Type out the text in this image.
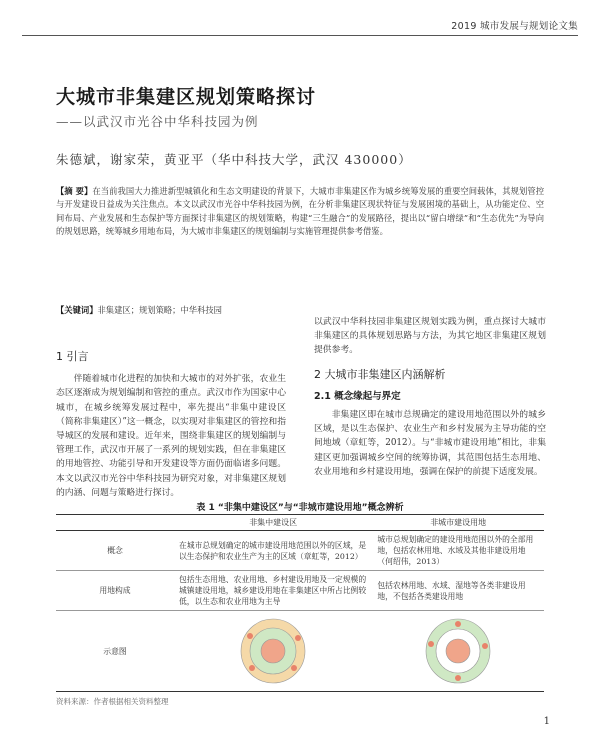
2019 城市发展与规划论文集
大城市非集建区规划策略探讨
——以武汉市光谷中华科技园为例
朱德斌，谢家荣，黄亚平（华中科技大学，武汉 430000）
【摘 要】在当前我国大力推进新型城镇化和生态文明建设的背景下，大城市非集建区作为城乡统筹发展的重要空间载体，其规划管控与开发建设日益成为关注焦点。本文以武汉市光谷中华科技园为例，在分析非集建区现状特征与发展困境的基础上，从功能定位、空间布局、产业发展和生态保护等方面探讨非集建区的规划策略，构建“三生融合”的发展路径，提出以“留白增绿”和“生态优先”为导向的规划思路，统筹城乡用地布局，为大城市非集建区的规划编制与实施管理提供参考借鉴。
【关键词】非集建区；规划策略；中华科技园
1 引言

伴随着城市化进程的加快和大城市的对外扩张，农业生态区逐渐成为规划编制和管控的重点。武汉市作为国家中心城市，在城乡统筹发展过程中，率先提出“非集中建设区（简称非集建区）”这一概念，以实现对非集建区的管控和指导城区的发展和建设。近年来，围绕非集建区的规划编制与管理工作，武汉市开展了一系列的规划实践，但在非集建区的用地管控、功能引导和开发建设等方面仍面临诸多问题。本文以武汉市光谷中华科技园为研究对象，对非集建区规划的内涵、问题与策略进行探讨。

以武汉中华科技园非集建区规划实践为例，重点探讨大城市非集建区的具体规划思路与方法，为其它地区非集建区规划提供参考。

2 大城市非集建区内涵解析
2.1 概念缘起与界定

非集建区即在城市总规确定的建设用地范围以外的城乡区域，是以生态保护、农业生产和乡村发展为主导功能的空间地域（章虹等，2012）。与“非城市建设用地”相比，非集建区更加强调城乡空间的统筹协调，其范围包括生态用地、农业用地和乡村建设用地，强调在保护的前提下适度发展。

表 1 “非集中建设区”与“非城市建设用地”概念辨析
	非集中建设区	非城市建设用地
概念	在城市总规划确定的城市建设用地范围以外的区域，是以生态保护和农业生产为主的区域（章虹等，2012）	城市总规划确定的建设用地范围以外的全部用地，包括农林用地、水域及其他非建设用地（何绍伟，2013）
用地构成	包括生态用地、农业用地、乡村建设用地及一定规模的城镇建设用地，城乡建设用地在非集建区中所占比例较低，以生态和农业用地为主导	包括农林用地、水域、湿地等各类非建设用地，不包括各类建设用地
示意图	

资料来源：作者根据相关资料整理
1
